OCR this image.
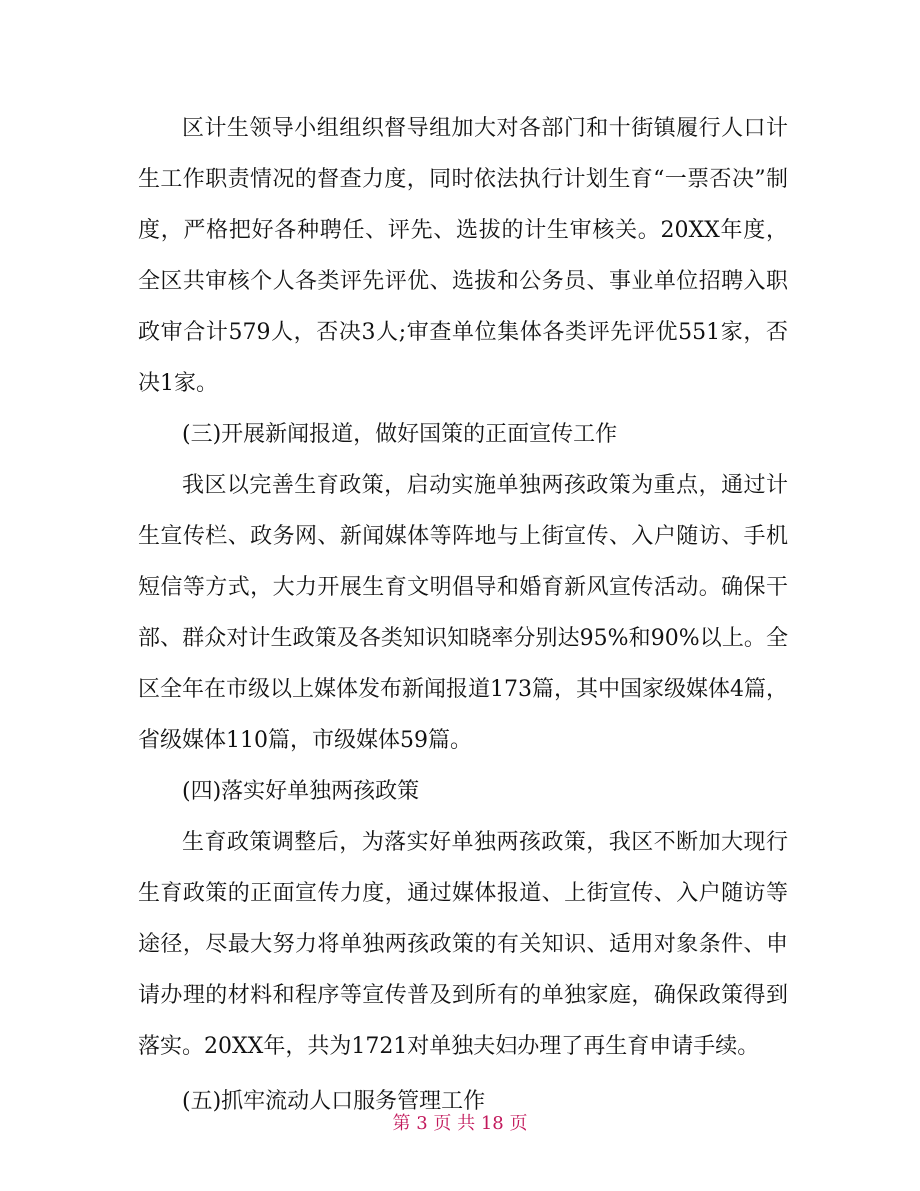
区计生领导小组组织督导组加大对各部门和十街镇履行人口计生工作职责情况的督查力度，同时依法执行计划生育“一票否决”制度，严格把好各种聘任、评先、选拔的计生审核关。20XX年度，全区共审核个人各类评先评优、选拔和公务员、事业单位招聘入职政审合计579人，否决3人;审查单位集体各类评先评优551家，否决1家。

(三)开展新闻报道，做好国策的正面宣传工作

我区以完善生育政策，启动实施单独两孩政策为重点，通过计生宣传栏、政务网、新闻媒体等阵地与上街宣传、入户随访、手机短信等方式，大力开展生育文明倡导和婚育新风宣传活动。确保干部、群众对计生政策及各类知识知晓率分别达95%和90%以上。全区全年在市级以上媒体发布新闻报道173篇，其中国家级媒体4篇，省级媒体110篇，市级媒体59篇。

(四)落实好单独两孩政策

生育政策调整后，为落实好单独两孩政策，我区不断加大现行生育政策的正面宣传力度，通过媒体报道、上街宣传、入户随访等途径，尽最大努力将单独两孩政策的有关知识、适用对象条件、申请办理的材料和程序等宣传普及到所有的单独家庭，确保政策得到落实。20XX年，共为1721对单独夫妇办理了再生育申请手续。

(五)抓牢流动人口服务管理工作

第 3 页 共 18 页
